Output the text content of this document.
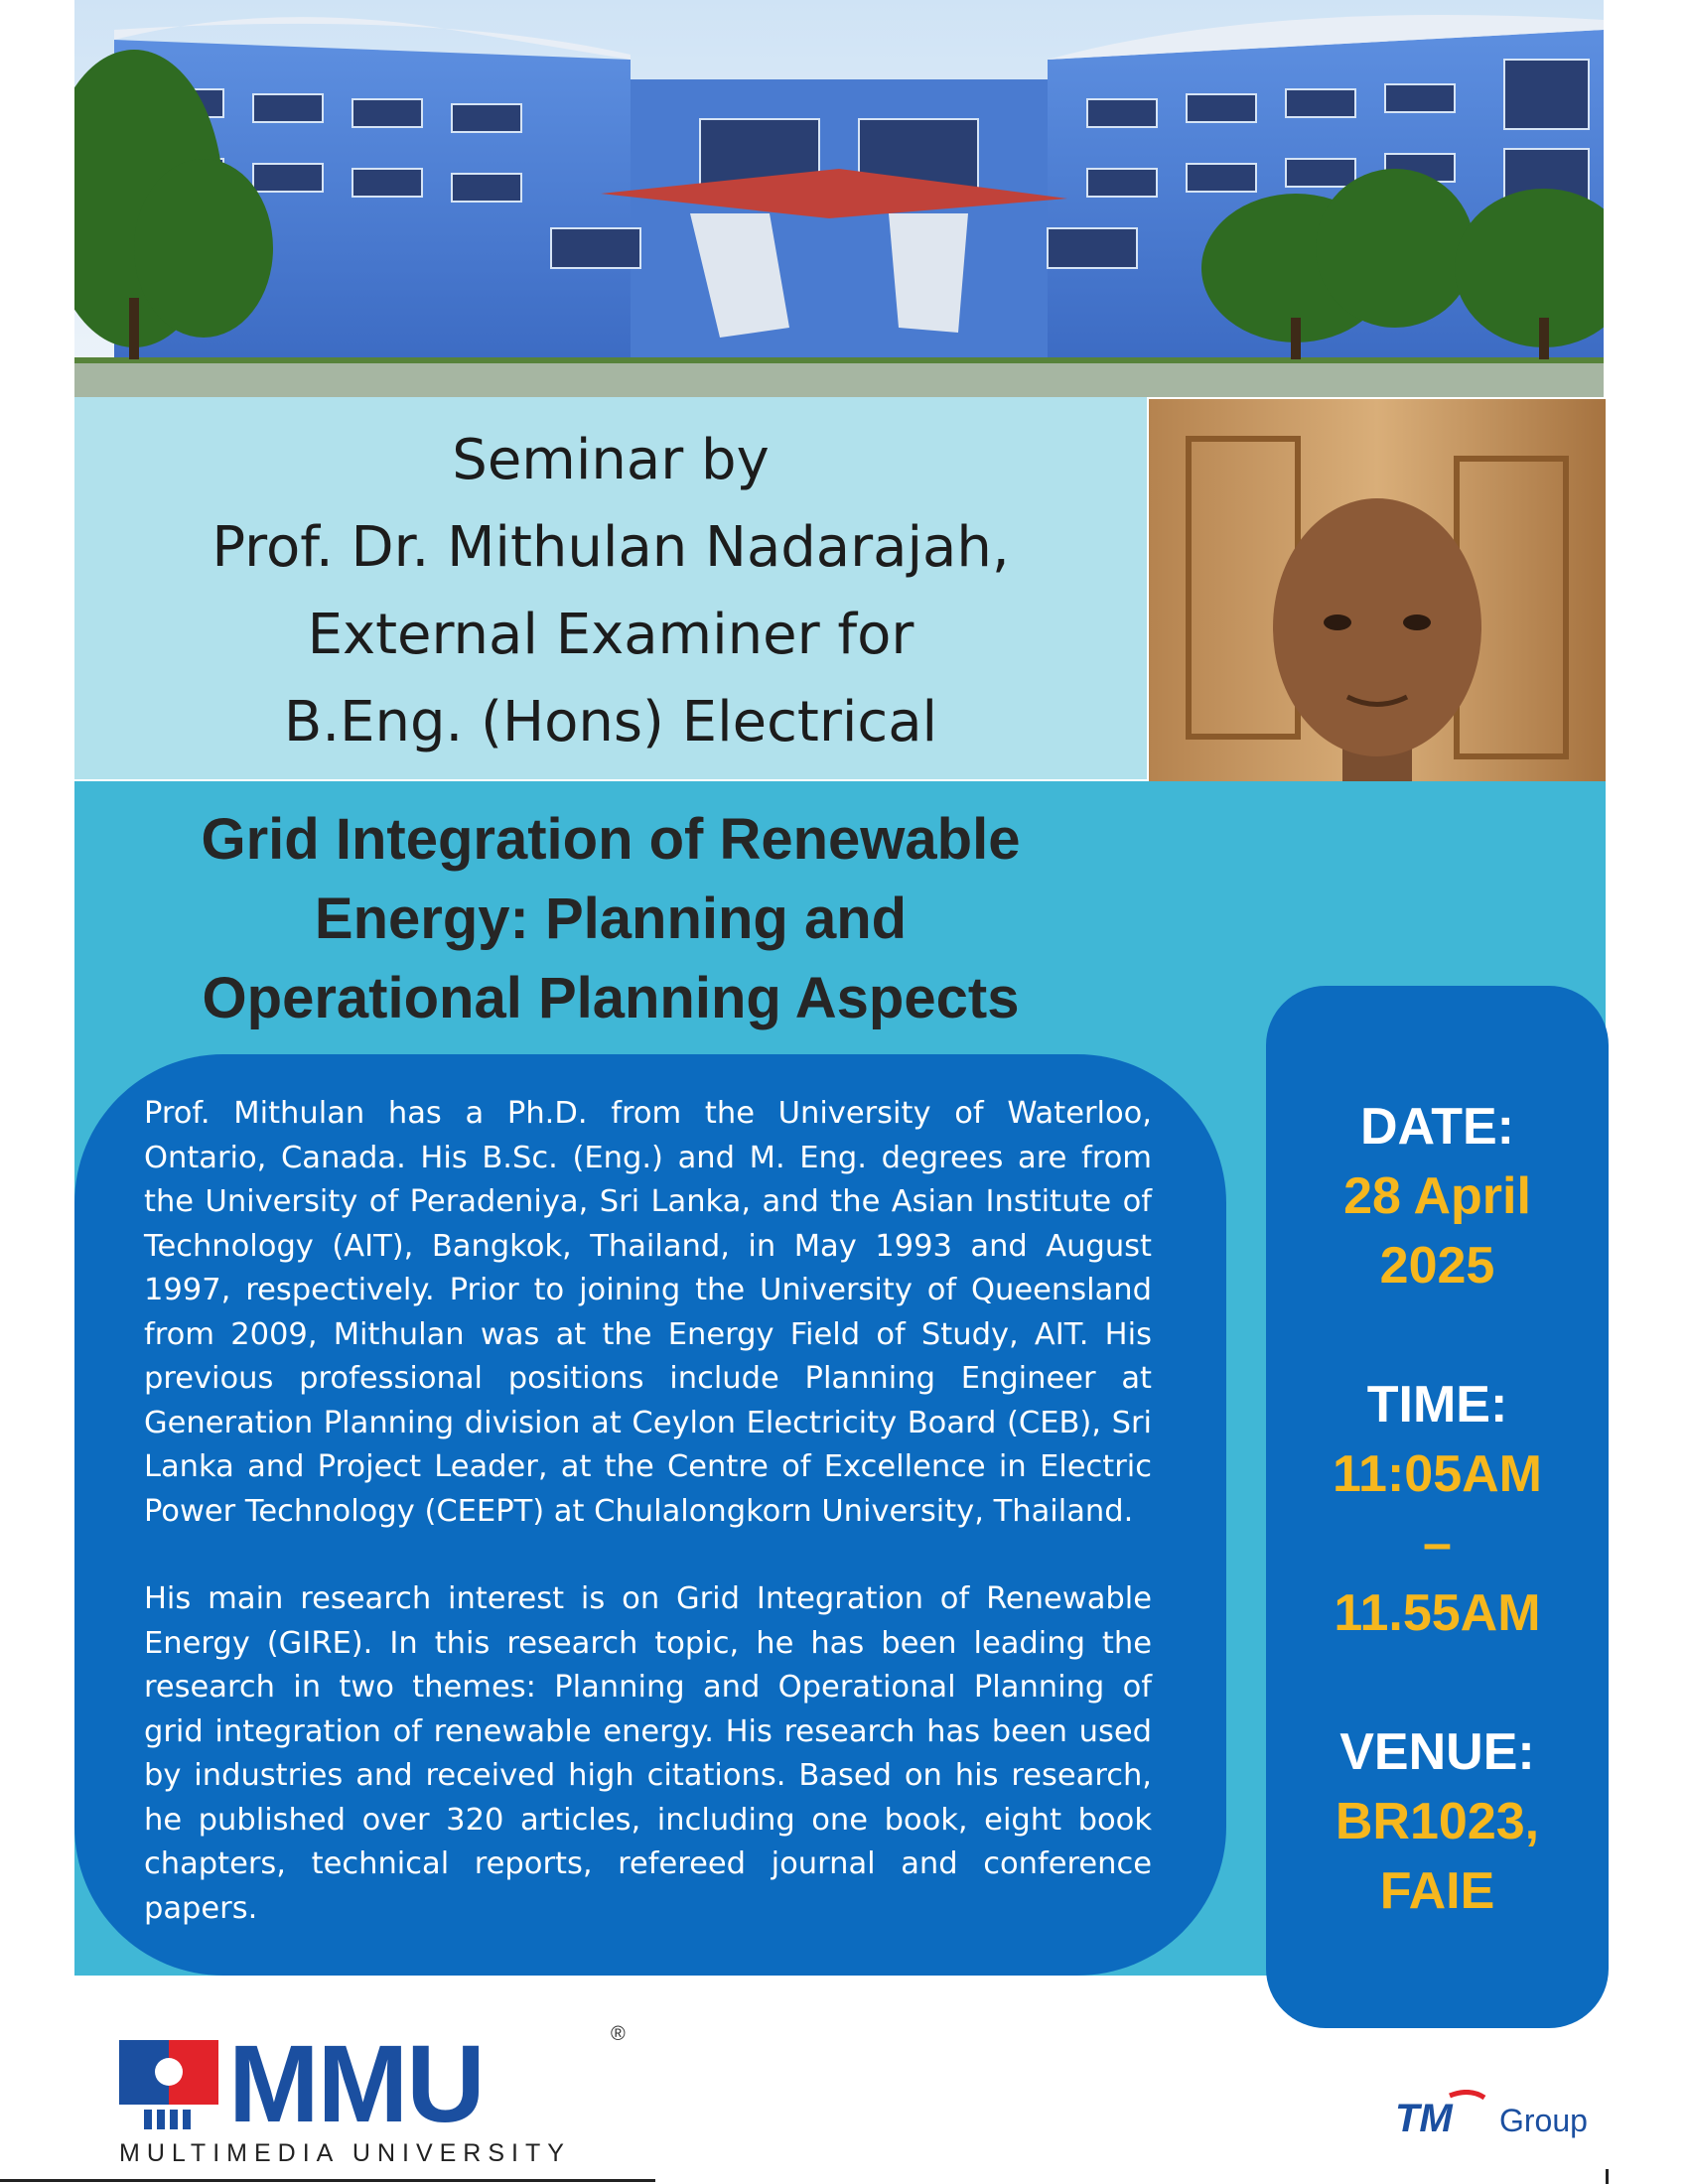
Seminar by
Prof. Dr. Mithulan Nadarajah,
External Examiner for
B.Eng. (Hons) Electrical
Grid Integration of Renewable
Energy: Planning and
Operational Planning Aspects

Prof. Mithulan has a Ph.D. from the University of Waterloo, Ontario, Canada. His B.Sc. (Eng.) and M. Eng. degrees are from the University of Peradeniya, Sri Lanka, and the Asian Institute of Technology (AIT), Bangkok, Thailand, in May 1993 and August 1997, respectively. Prior to joining the University of Queensland from 2009, Mithulan was at the Energy Field of Study, AIT. His previous professional positions include Planning Engineer at Generation Planning division at Ceylon Electricity Board (CEB), Sri Lanka and Project Leader, at the Centre of Excellence in Electric Power Technology (CEEPT) at Chulalongkorn University, Thailand.

His main research interest is on Grid Integration of Renewable Energy (GIRE). In this research topic, he has been leading the research in two themes: Planning and Operational Planning of grid integration of renewable energy. His research has been used by industries and received high citations. Based on his research, he published over 320 articles, including one book, eight book chapters, technical reports, refereed journal and conference papers.

DATE:
28 April
2025
TIME:
11:05AM
–
11.55AM
VENUE:
BR1023,
FAIE
MMU	®
MULTIMEDIA UNIVERSITY
TM Group
